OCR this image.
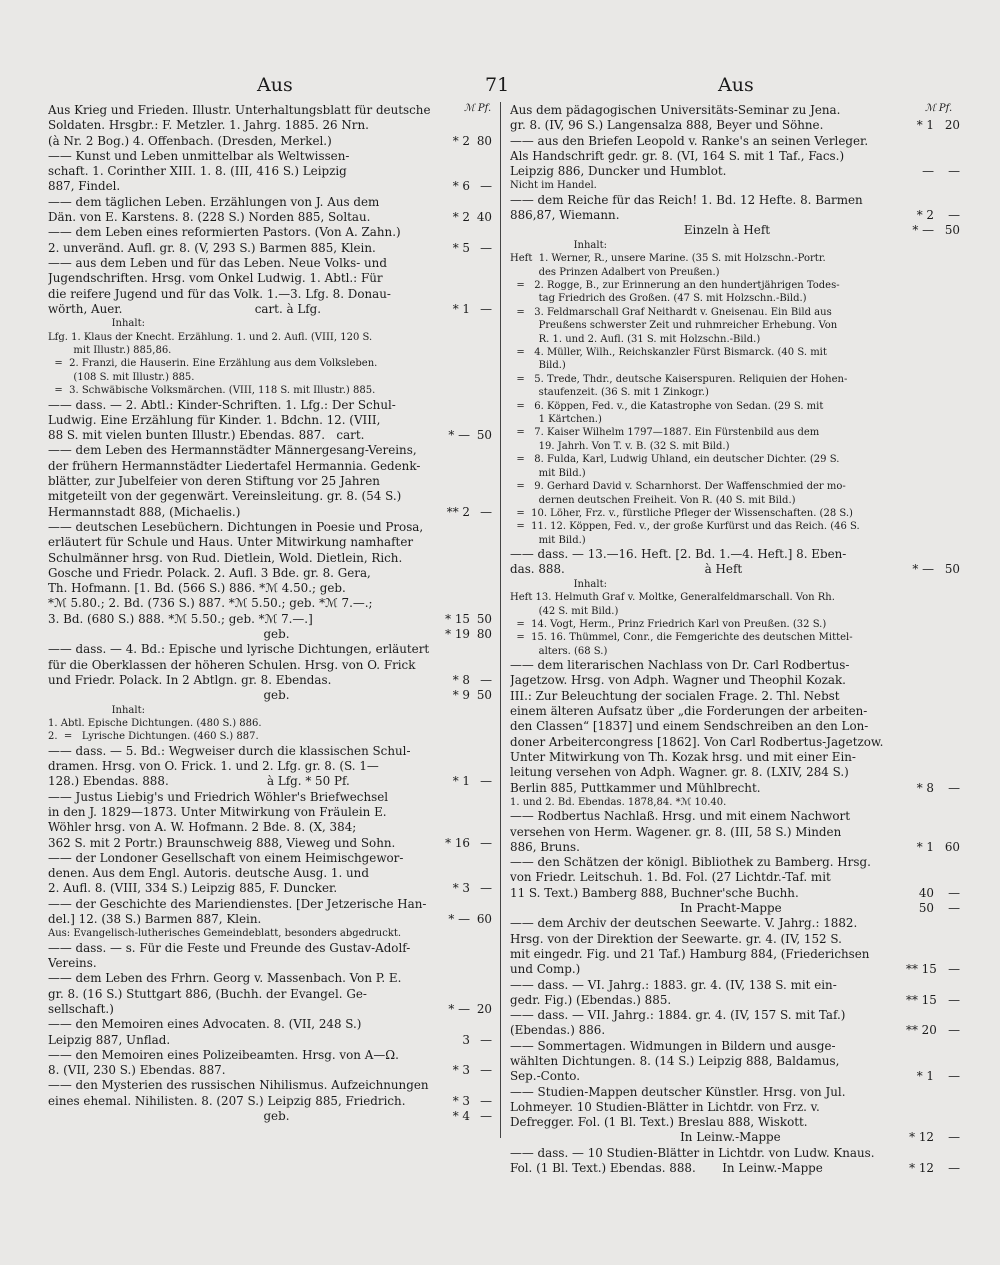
Aus	71	Aus
ℳ Pf.	ℳ Pf.
Aus Krieg und Frieden. Illustr. Unterhaltungsblatt für deutsche
Soldaten. Hrsgbr.: F. Metzler. 1. Jahrg. 1885. 26 Nrn.
(à Nr. 2 Bog.) 4. Offenbach. (Dresden, Merkel.)	* 2 80
—— Kunst und Leben unmittelbar als Weltwissen-
schaft. 1. Corinther XIII. 1. 8. (III, 416 S.) Leipzig
887, Findel.	* 6 —
—— dem täglichen Leben. Erzählungen von J. Aus dem
Dän. von E. Karstens. 8. (228 S.) Norden 885, Soltau.	* 2 40
—— dem Leben eines reformierten Pastors. (Von A. Zahn.)
2. unveränd. Aufl. gr. 8. (V, 293 S.) Barmen 885, Klein.	* 5 —
—— aus dem Leben und für das Leben. Neue Volks- und
Jugendschriften. Hrsg. vom Onkel Ludwig. 1. Abtl.: Für
die reifere Jugend und für das Volk. 1.—3. Lfg. 8. Donau-
wörth, Auer.                                   cart. à Lfg.	* 1 —
Inhalt:
Lfg. 1. Klaus der Knecht. Erzählung. 1. und 2. Aufl. (VIII, 120 S.
mit Illustr.) 885,86.
=  2. Franzi, die Hauserin. Eine Erzählung aus dem Volksleben.
(108 S. mit Illustr.) 885.
=  3. Schwäbische Volksmärchen. (VIII, 118 S. mit Illustr.) 885.
—— dass. — 2. Abtl.: Kinder-Schriften. 1. Lfg.: Der Schul-
Ludwig. Eine Erzählung für Kinder. 1. Bdchn. 12. (VIII,
88 S. mit vielen bunten Illustr.) Ebendas. 887.   cart.	* — 50
—— dem Leben des Hermannstädter Männergesang-Vereins,
der frühern Hermannstädter Liedertafel Hermannia. Gedenk-
blätter, zur Jubelfeier von deren Stiftung vor 25 Jahren
mitgeteilt von der gegenwärt. Vereinsleitung. gr. 8. (54 S.)
Hermannstadt 888, (Michaelis.)	** 2 —
—— deutschen Lesebüchern. Dichtungen in Poesie und Prosa,
erläutert für Schule und Haus. Unter Mitwirkung namhafter
Schulmänner hrsg. von Rud. Dietlein, Wold. Dietlein, Rich.
Gosche und Friedr. Polack. 2. Aufl. 3 Bde. gr. 8. Gera,
Th. Hofmann. [1. Bd. (566 S.) 886. *ℳ 4.50.; geb.
*ℳ 5.80.; 2. Bd. (736 S.) 887. *ℳ 5.50.; geb. *ℳ 7.—.;
3. Bd. (680 S.) 888. *ℳ 5.50.; geb. *ℳ 7.—.]	* 15 50
geb.	* 19 80
—— dass. — 4. Bd.: Epische und lyrische Dichtungen, erläutert
für die Oberklassen der höheren Schulen. Hrsg. von O. Frick
und Friedr. Polack. In 2 Abtlgn. gr. 8. Ebendas.	* 8 —
geb.	* 9 50
Inhalt:
1. Abtl. Epische Dichtungen. (480 S.) 886.
2.  =   Lyrische Dichtungen. (460 S.) 887.
—— dass. — 5. Bd.: Wegweiser durch die klassischen Schul-
dramen. Hrsg. von O. Frick. 1. und 2. Lfg. gr. 8. (S. 1—
128.) Ebendas. 888.                          à Lfg. * 50 Pf.	* 1 —
—— Justus Liebig's und Friedrich Wöhler's Briefwechsel
in den J. 1829—1873. Unter Mitwirkung von Fräulein E.
Wöhler hrsg. von A. W. Hofmann. 2 Bde. 8. (X, 384;
362 S. mit 2 Portr.) Braunschweig 888, Vieweg und Sohn.	* 16 —
—— der Londoner Gesellschaft von einem Heimischgewor-
denen. Aus dem Engl. Autoris. deutsche Ausg. 1. und
2. Aufl. 8. (VIII, 334 S.) Leipzig 885, F. Duncker.	* 3 —
—— der Geschichte des Mariendienstes. [Der Jetzerische Han-
del.] 12. (38 S.) Barmen 887, Klein.	* — 60
Aus: Evangelisch-lutherisches Gemeindeblatt, besonders abgedruckt.
—— dass. — s. Für die Feste und Freunde des Gustav-Adolf-
Vereins.
—— dem Leben des Frhrn. Georg v. Massenbach. Von P. E.
gr. 8. (16 S.) Stuttgart 886, (Buchh. der Evangel. Ge-
sellschaft.)	* — 20
—— den Memoiren eines Advocaten. 8. (VII, 248 S.)
Leipzig 887, Unflad.	3 —
—— den Memoiren eines Polizeibeamten. Hrsg. von A—Ω.
8. (VII, 230 S.) Ebendas. 887.	* 3 —
—— den Mysterien des russischen Nihilismus. Aufzeichnungen
eines ehemal. Nihilisten. 8. (207 S.) Leipzig 885, Friedrich.	* 3 —
geb.	* 4 —
Aus dem pädagogischen Universitäts-Seminar zu Jena.
gr. 8. (IV, 96 S.) Langensalza 888, Beyer und Söhne.	* 1 20
—— aus den Briefen Leopold v. Ranke's an seinen Verleger.
Als Handschrift gedr. gr. 8. (VI, 164 S. mit 1 Taf., Facs.)
Leipzig 886, Duncker und Humblot.	—	—
Nicht im Handel.
—— dem Reiche für das Reich! 1. Bd. 12 Hefte. 8. Barmen
886,87, Wiemann.	* 2	—
Einzeln à Heft	* — 50
Inhalt:
Heft  1. Werner, R., unsere Marine. (35 S. mit Holzschn.-Portr.
des Prinzen Adalbert von Preußen.)
=   2. Rogge, B., zur Erinnerung an den hundertjährigen Todes-
tag Friedrich des Großen. (47 S. mit Holzschn.-Bild.)
=   3. Feldmarschall Graf Neithardt v. Gneisenau. Ein Bild aus
Preußens schwerster Zeit und ruhmreicher Erhebung. Von
R. 1. und 2. Aufl. (31 S. mit Holzschn.-Bild.)
=   4. Müller, Wilh., Reichskanzler Fürst Bismarck. (40 S. mit
Bild.)
=   5. Trede, Thdr., deutsche Kaiserspuren. Reliquien der Hohen-
staufenzeit. (36 S. mit 1 Zinkogr.)
=   6. Köppen, Fed. v., die Katastrophe von Sedan. (29 S. mit
1 Kärtchen.)
=   7. Kaiser Wilhelm 1797—1887. Ein Fürstenbild aus dem
19. Jahrh. Von T. v. B. (32 S. mit Bild.)
=   8. Fulda, Karl, Ludwig Uhland, ein deutscher Dichter. (29 S.
mit Bild.)
=   9. Gerhard David v. Scharnhorst. Der Waffenschmied der mo-
dernen deutschen Freiheit. Von R. (40 S. mit Bild.)
=  10. Löher, Frz. v., fürstliche Pfleger der Wissenschaften. (28 S.)
=  11. 12. Köppen, Fed. v., der große Kurfürst und das Reich. (46 S.
mit Bild.)
—— dass. — 13.—16. Heft. [2. Bd. 1.—4. Heft.] 8. Eben-
das. 888.                                     à Heft	* — 50
Inhalt:
Heft 13. Helmuth Graf v. Moltke, Generalfeldmarschall. Von Rh.
(42 S. mit Bild.)
=  14. Vogt, Herm., Prinz Friedrich Karl von Preußen. (32 S.)
=  15. 16. Thümmel, Conr., die Femgerichte des deutschen Mittel-
alters. (68 S.)
—— dem literarischen Nachlass von Dr. Carl Rodbertus-
Jagetzow. Hrsg. von Adph. Wagner und Theophil Kozak.
III.: Zur Beleuchtung der socialen Frage. 2. Thl. Nebst
einem älteren Aufsatz über „die Forderungen der arbeiten-
den Classen“ [1837] und einem Sendschreiben an den Lon-
doner Arbeitercongress [1862]. Von Carl Rodbertus-Jagetzow.
Unter Mitwirkung von Th. Kozak hrsg. und mit einer Ein-
leitung versehen von Adph. Wagner. gr. 8. (LXIV, 284 S.)
Berlin 885, Puttkammer und Mühlbrecht.	* 8	—
1. und 2. Bd. Ebendas. 1878,84. *ℳ 10.40.
—— Rodbertus Nachlaß. Hrsg. und mit einem Nachwort
versehen von Herm. Wagener. gr. 8. (III, 58 S.) Minden
886, Bruns.	* 1 60
—— den Schätzen der königl. Bibliothek zu Bamberg. Hrsg.
von Friedr. Leitschuh. 1. Bd. Fol. (27 Lichtdr.-Taf. mit
11 S. Text.) Bamberg 888, Buchner'sche Buchh.	40	—
In Pracht-Mappe	50	—
—— dem Archiv der deutschen Seewarte. V. Jahrg.: 1882.
Hrsg. von der Direktion der Seewarte. gr. 4. (IV, 152 S.
mit eingedr. Fig. und 21 Taf.) Hamburg 884, (Friederichsen
und Comp.)	** 15 —
—— dass. — VI. Jahrg.: 1883. gr. 4. (IV, 138 S. mit ein-
gedr. Fig.) (Ebendas.) 885.	** 15 —
—— dass. — VII. Jahrg.: 1884. gr. 4. (IV, 157 S. mit Taf.)
(Ebendas.) 886.	** 20 —
—— Sommertagen. Widmungen in Bildern und ausge-
wählten Dichtungen. 8. (14 S.) Leipzig 888, Baldamus,
Sep.-Conto.	* 1	—
—— Studien-Mappen deutscher Künstler. Hrsg. von Jul.
Lohmeyer. 10 Studien-Blätter in Lichtdr. von Frz. v.
Defregger. Fol. (1 Bl. Text.) Breslau 888, Wiskott.
In Leinw.-Mappe	* 12	—
—— dass. — 10 Studien-Blätter in Lichtdr. von Ludw. Knaus.
Fol. (1 Bl. Text.) Ebendas. 888.       In Leinw.-Mappe	* 12	—
